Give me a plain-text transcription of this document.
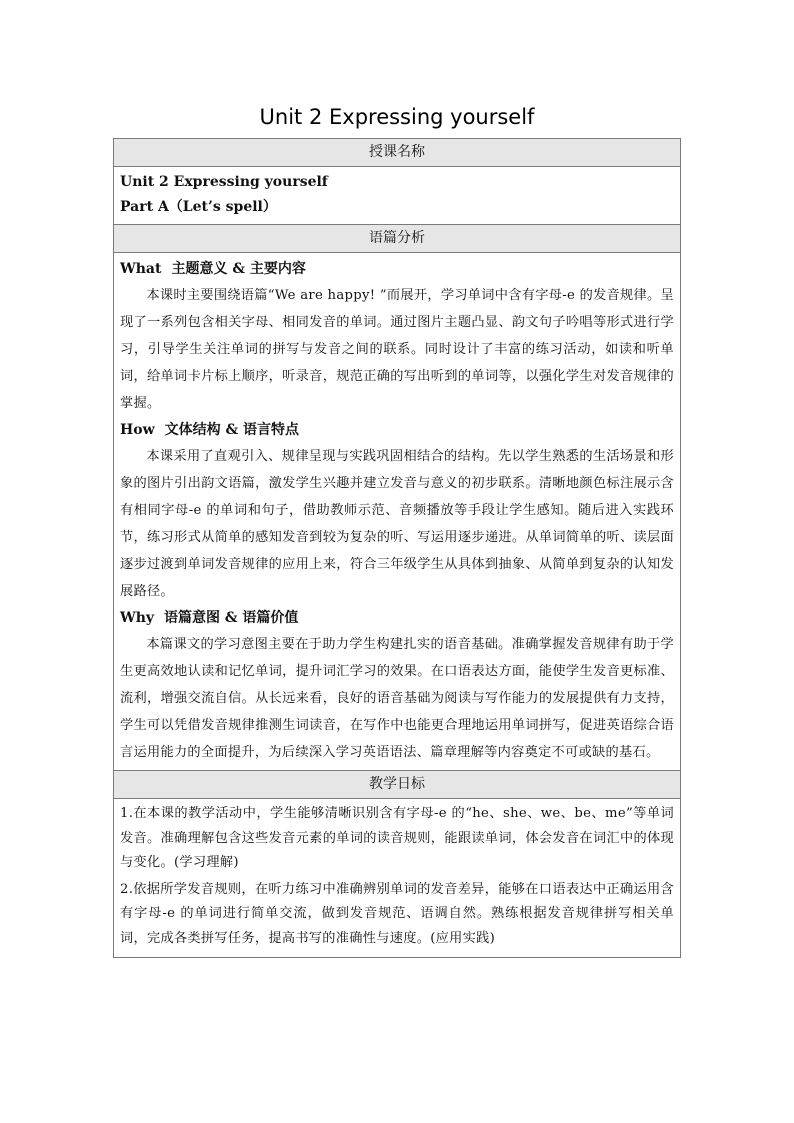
Unit 2 Expressing yourself
授课名称

Unit 2 Expressing yourself
Part A（Let’s spell）

语篇分析

What 主题意义 & 主要内容
本课时主要围绕语篇“We are happy! ”而展开，学习单词中含有字母-e 的发音规律。呈现了一系列包含相关字母、相同发音的单词。通过图片主题凸显、韵文句子吟唱等形式进行学习，引导学生关注单词的拼写与发音之间的联系。同时设计了丰富的练习活动，如读和听单词，给单词卡片标上顺序，听录音，规范正确的写出听到的单词等，以强化学生对发音规律的掌握。
How 文体结构 & 语言特点
本课采用了直观引入、规律呈现与实践巩固相结合的结构。先以学生熟悉的生活场景和形象的图片引出韵文语篇，激发学生兴趣并建立发音与意义的初步联系。清晰地颜色标注展示含有相同字母-e 的单词和句子，借助教师示范、音频播放等手段让学生感知。随后进入实践环节，练习形式从简单的感知发音到较为复杂的听、写运用逐步递进。从单词简单的听、读层面逐步过渡到单词发音规律的应用上来，符合三年级学生从具体到抽象、从简单到复杂的认知发展路径。
Why 语篇意图 & 语篇价值
本篇课文的学习意图主要在于助力学生构建扎实的语音基础。准确掌握发音规律有助于学生更高效地认读和记忆单词，提升词汇学习的效果。在口语表达方面，能使学生发音更标准、流利，增强交流自信。从长远来看，良好的语音基础为阅读与写作能力的发展提供有力支持，学生可以凭借发音规律推测生词读音，在写作中也能更合理地运用单词拼写，促进英语综合语言运用能力的全面提升，为后续深入学习英语语法、篇章理解等内容奠定不可或缺的基石。

教学日标

1.在本课的教学活动中，学生能够清晰识别含有字母-e 的“he、she、we、be、me”等单词发音。准确理解包含这些发音元素的单词的读音规则，能跟读单词，体会发音在词汇中的体现与变化。(学习理解)
2.依据所学发音规则，在听力练习中准确辨别单词的发音差异，能够在口语表达中正确运用含有字母-e 的单词进行简单交流，做到发音规范、语调自然。熟练根据发音规律拼写相关单词，完成各类拼写任务，提高书写的准确性与速度。(应用实践)
